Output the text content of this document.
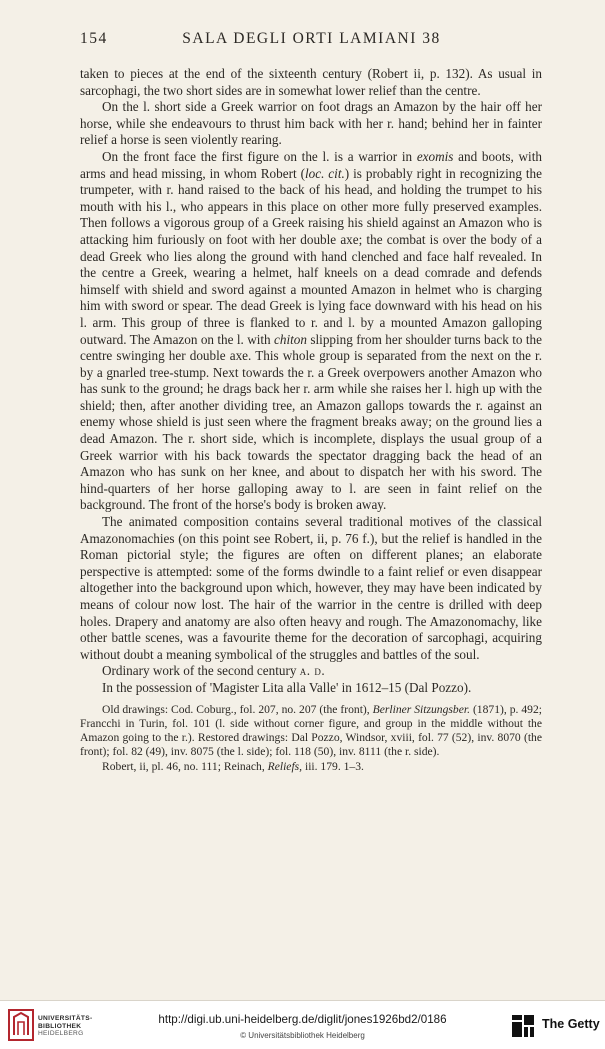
154	SALA DEGLI ORTI LAMIANI 38

taken to pieces at the end of the sixteenth century (Robert ii, p. 132). As usual in sarcophagi, the two short sides are in somewhat lower relief than the centre.

On the l. short side a Greek warrior on foot drags an Amazon by the hair off her horse, while she endeavours to thrust him back with her r. hand; behind her in fainter relief a horse is seen violently rearing.

On the front face the first figure on the l. is a warrior in exomis and boots, with arms and head missing, in whom Robert (loc. cit.) is probably right in recognizing the trumpeter, with r. hand raised to the back of his head, and holding the trumpet to his mouth with his l., who appears in this place on other more fully preserved examples. Then follows a vigorous group of a Greek raising his shield against an Amazon who is attacking him furiously on foot with her double axe; the combat is over the body of a dead Greek who lies along the ground with hand clenched and face half revealed. In the centre a Greek, wearing a helmet, half kneels on a dead comrade and defends himself with shield and sword against a mounted Amazon in helmet who is charging him with sword or spear. The dead Greek is lying face downward with his head on his l. arm. This group of three is flanked to r. and l. by a mounted Amazon galloping outward. The Amazon on the l. with chiton slipping from her shoulder turns back to the centre swinging her double axe. This whole group is separated from the next on the r. by a gnarled tree-stump. Next towards the r. a Greek overpowers another Amazon who has sunk to the ground; he drags back her r. arm while she raises her l. high up with the shield; then, after another dividing tree, an Amazon gallops towards the r. against an enemy whose shield is just seen where the fragment breaks away; on the ground lies a dead Amazon. The r. short side, which is incomplete, displays the usual group of a Greek warrior with his back towards the spectator dragging back the head of an Amazon who has sunk on her knee, and about to dispatch her with his sword. The hind-quarters of her horse galloping away to l. are seen in faint relief on the background. The front of the horse's body is broken away.

The animated composition contains several traditional motives of the classical Amazonomachies (on this point see Robert, ii, p. 76 f.), but the relief is handled in the Roman pictorial style; the figures are often on different planes; an elaborate perspective is attempted: some of the forms dwindle to a faint relief or even disappear altogether into the background upon which, however, they may have been indicated by means of colour now lost. The hair of the warrior in the centre is drilled with deep holes. Drapery and anatomy are also often heavy and rough. The Amazonomachy, like other battle scenes, was a favourite theme for the decoration of sarcophagi, acquiring without doubt a meaning symbolical of the struggles and battles of the soul.

Ordinary work of the second century a. d.

In the possession of 'Magister Lita alla Valle' in 1612–15 (Dal Pozzo).

Old drawings: Cod. Coburg., fol. 207, no. 207 (the front), Berliner Sitzungsber. (1871), p. 492; Francchi in Turin, fol. 101 (l. side without corner figure, and group in the middle without the Amazon going to the r.). Restored drawings: Dal Pozzo, Windsor, xviii, fol. 77 (52), inv. 8070 (the front); fol. 82 (49), inv. 8075 (the l. side); fol. 118 (50), inv. 8111 (the r. side).

Robert, ii, pl. 46, no. 111; Reinach, Reliefs, iii. 179. 1–3.

UNIVERSITÄTS-
BIBLIOTHEK
HEIDELBERG
http://digi.ub.uni-heidelberg.de/diglit/jones1926bd2/0186
© Universitätsbibliothek Heidelberg
The Getty
